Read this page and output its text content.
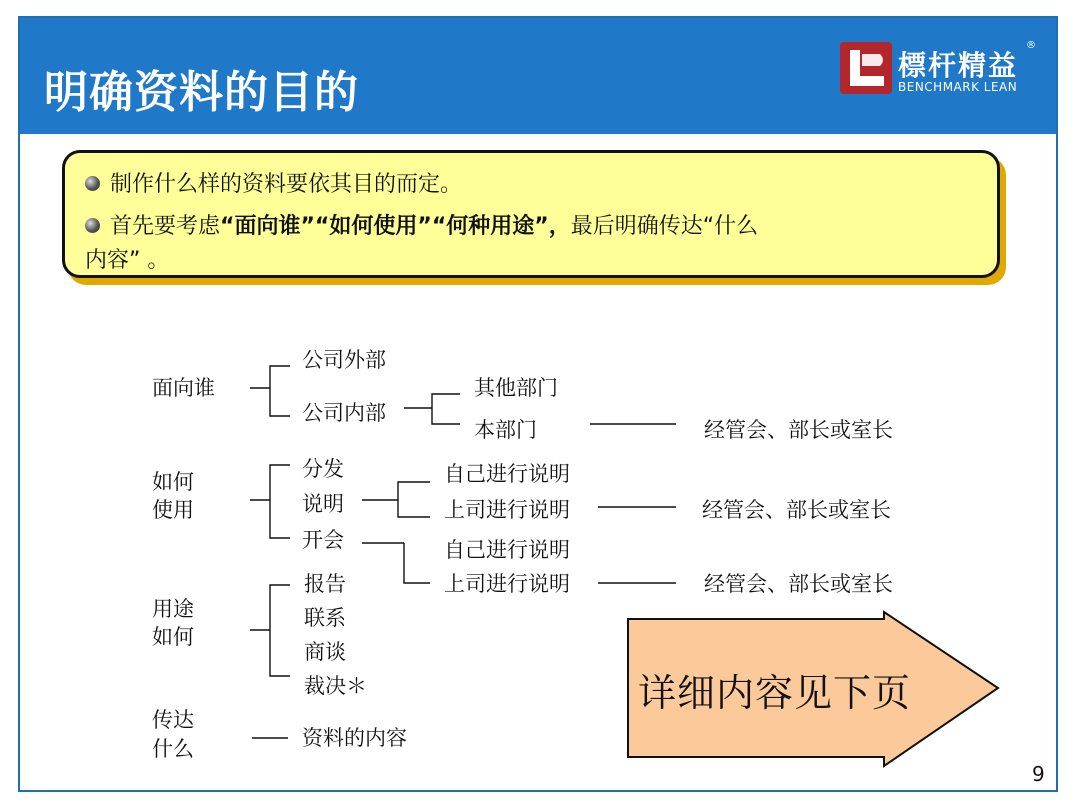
明确资料的目的
標杆精益
BENCHMARK LEAN
®
制作什么样的资料要依其目的而定。
首先要考虑“面向谁”“如何使用”“何种用途”，最后明确传达“什么
内容” 。
面向谁
公司外部
公司内部
其他部门
本部门	经管会、部长或室长
如何
使用
分发
说明
开会
自己进行说明
上司进行说明	经管会、部长或室长
自己进行说明
上司进行说明	经管会、部长或室长
用途
如何
报告
联系
商谈
裁决＊
传达
什么	资料的内容
详细内容见下页
9
